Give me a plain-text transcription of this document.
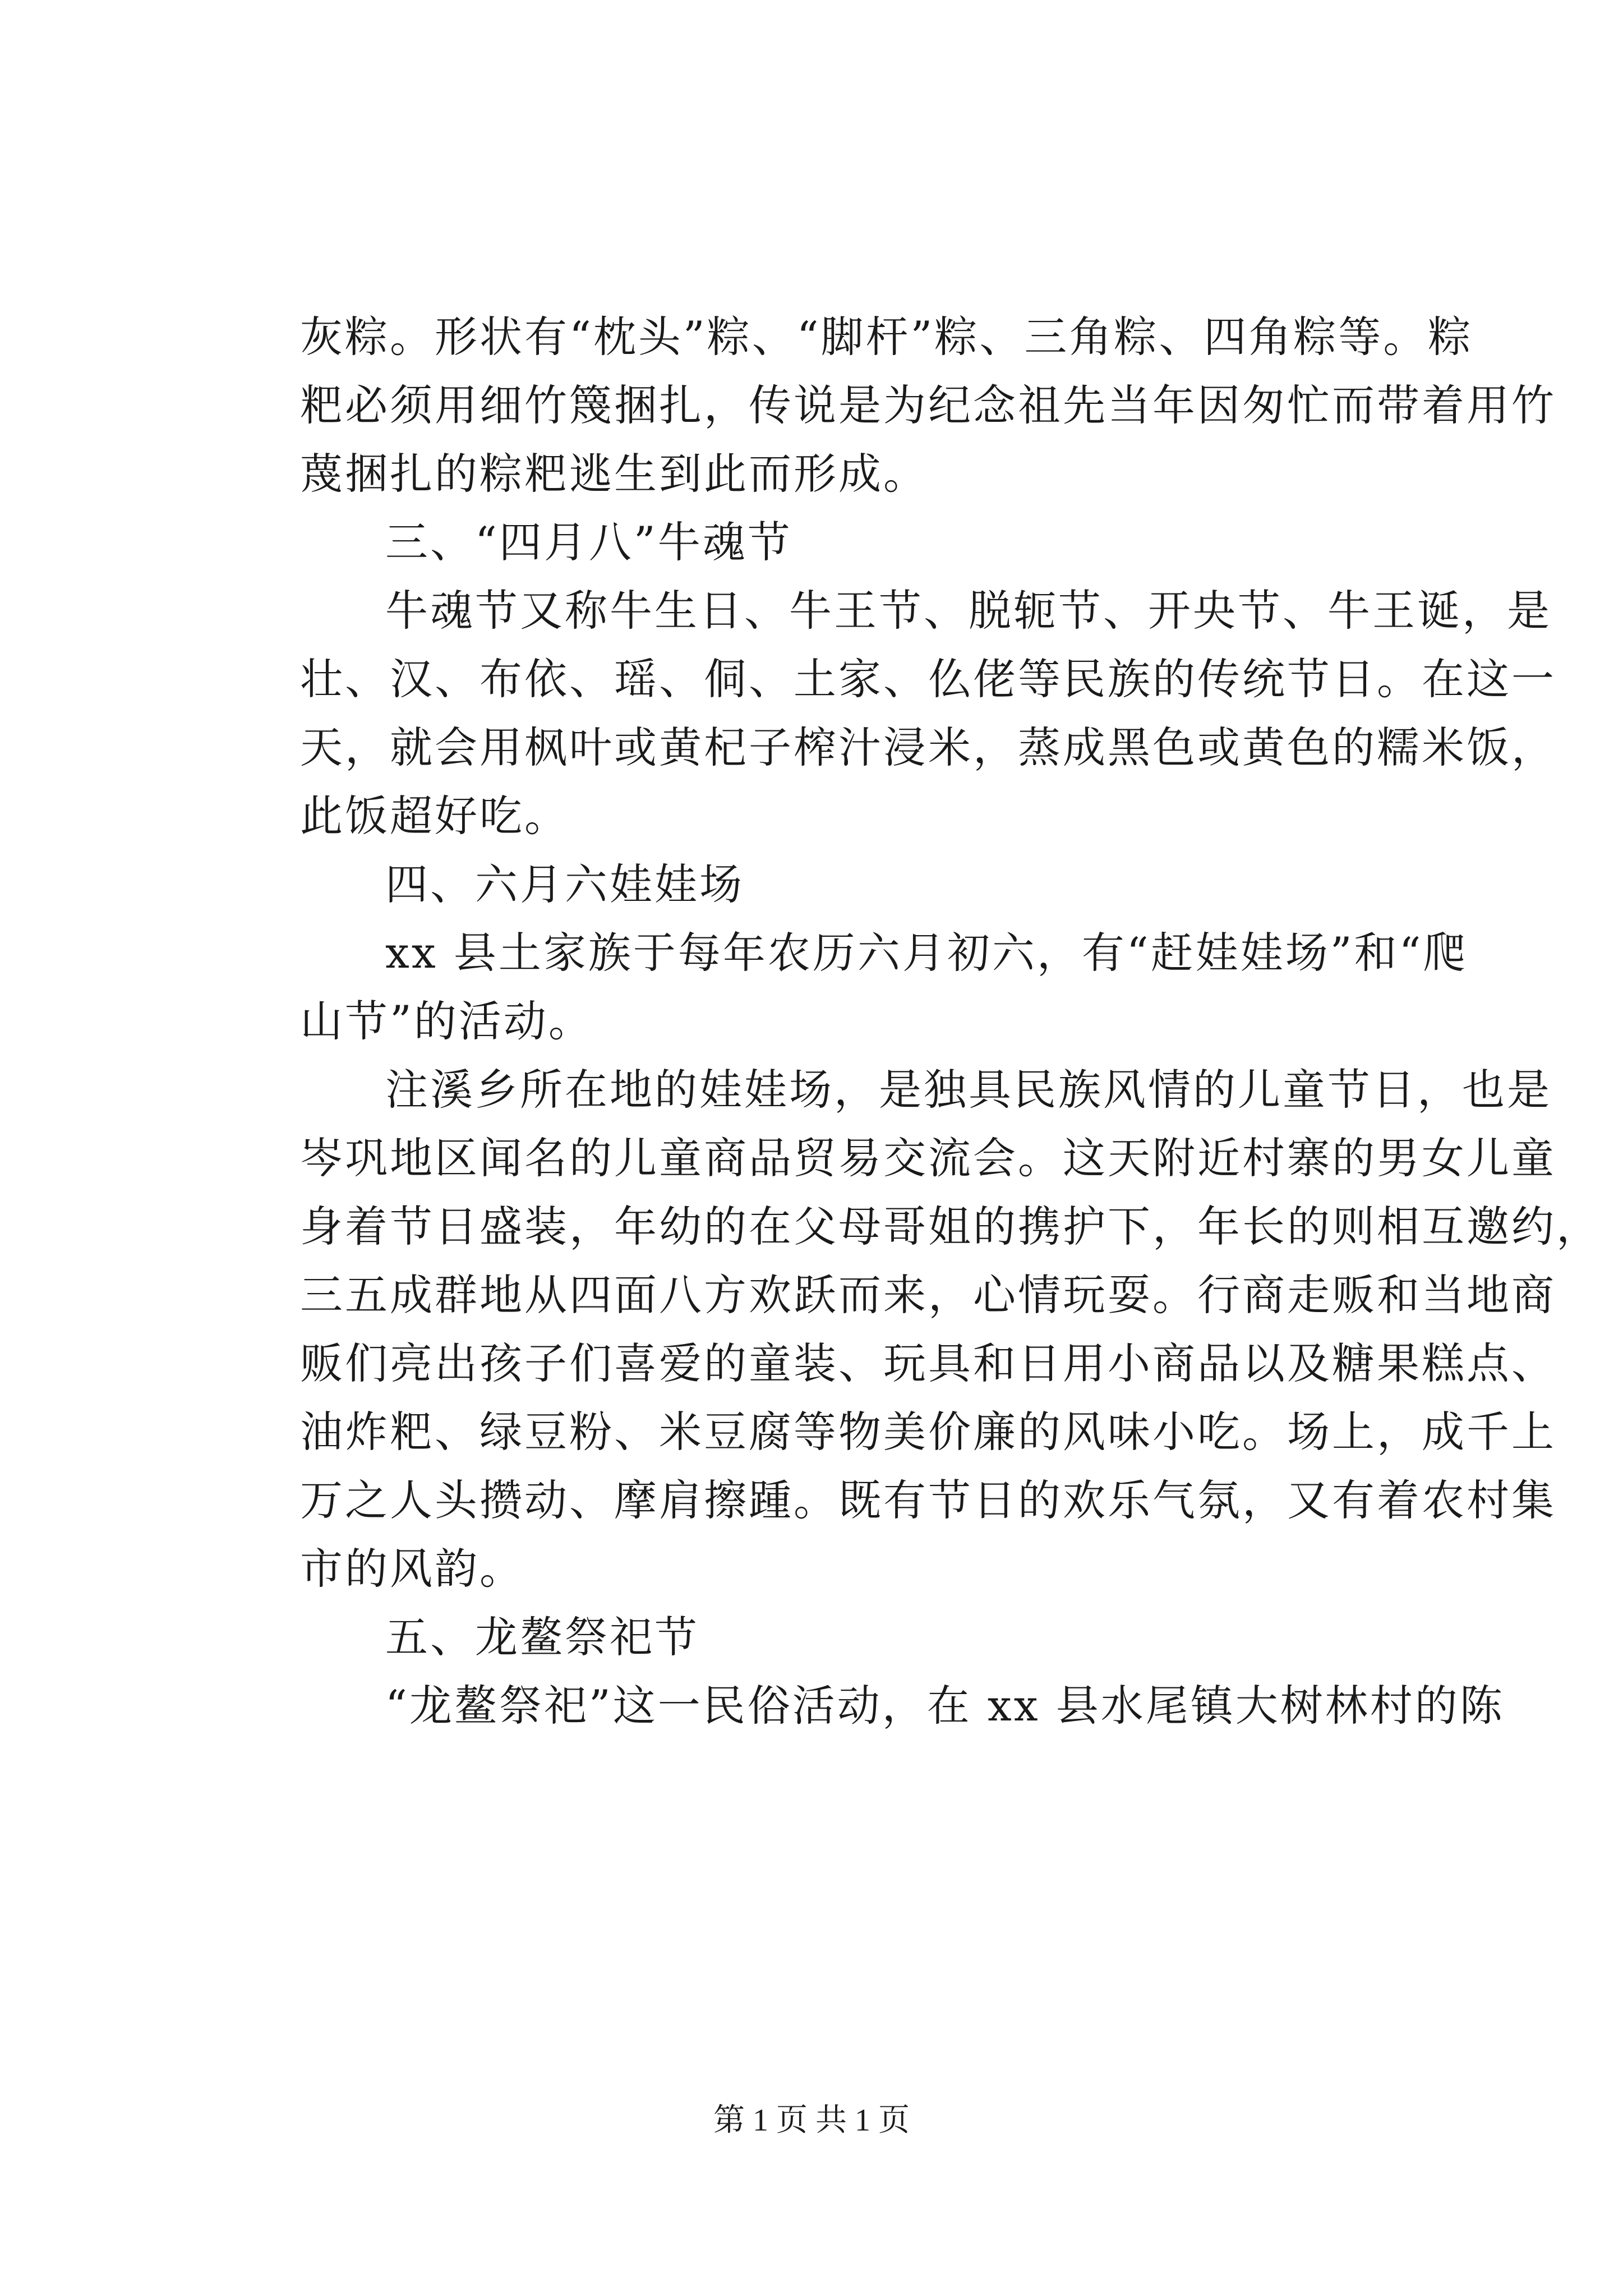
灰粽。形状有“枕头”粽、“脚杆”粽、三角粽、四角粽等。粽
粑必须用细竹篾捆扎，传说是为纪念祖先当年因匆忙而带着用竹
蔑捆扎的粽粑逃生到此而形成。
三、“四月八”牛魂节
牛魂节又称牛生日、牛王节、脱轭节、开央节、牛王诞，是
壮、汉、布依、瑶、侗、土家、仫佬等民族的传统节日。在这一
天，就会用枫叶或黄杞子榨汁浸米，蒸成黑色或黄色的糯米饭，
此饭超好吃。
四、六月六娃娃场
xx 县土家族于每年农历六月初六，有“赶娃娃场”和“爬
山节”的活动。
注溪乡所在地的娃娃场，是独具民族风情的儿童节日，也是
岑巩地区闻名的儿童商品贸易交流会。这天附近村寨的男女儿童
身着节日盛装，年幼的在父母哥姐的携护下，年长的则相互邀约，
三五成群地从四面八方欢跃而来，心情玩耍。行商走贩和当地商
贩们亮出孩子们喜爱的童装、玩具和日用小商品以及糖果糕点、
油炸粑、绿豆粉、米豆腐等物美价廉的风味小吃。场上，成千上
万之人头攒动、摩肩擦踵。既有节日的欢乐气氛，又有着农村集
市的风韵。
五、龙鳌祭祀节
“龙鳌祭祀”这一民俗活动，在 xx 县水尾镇大树林村的陈
第 1 页 共 1 页
